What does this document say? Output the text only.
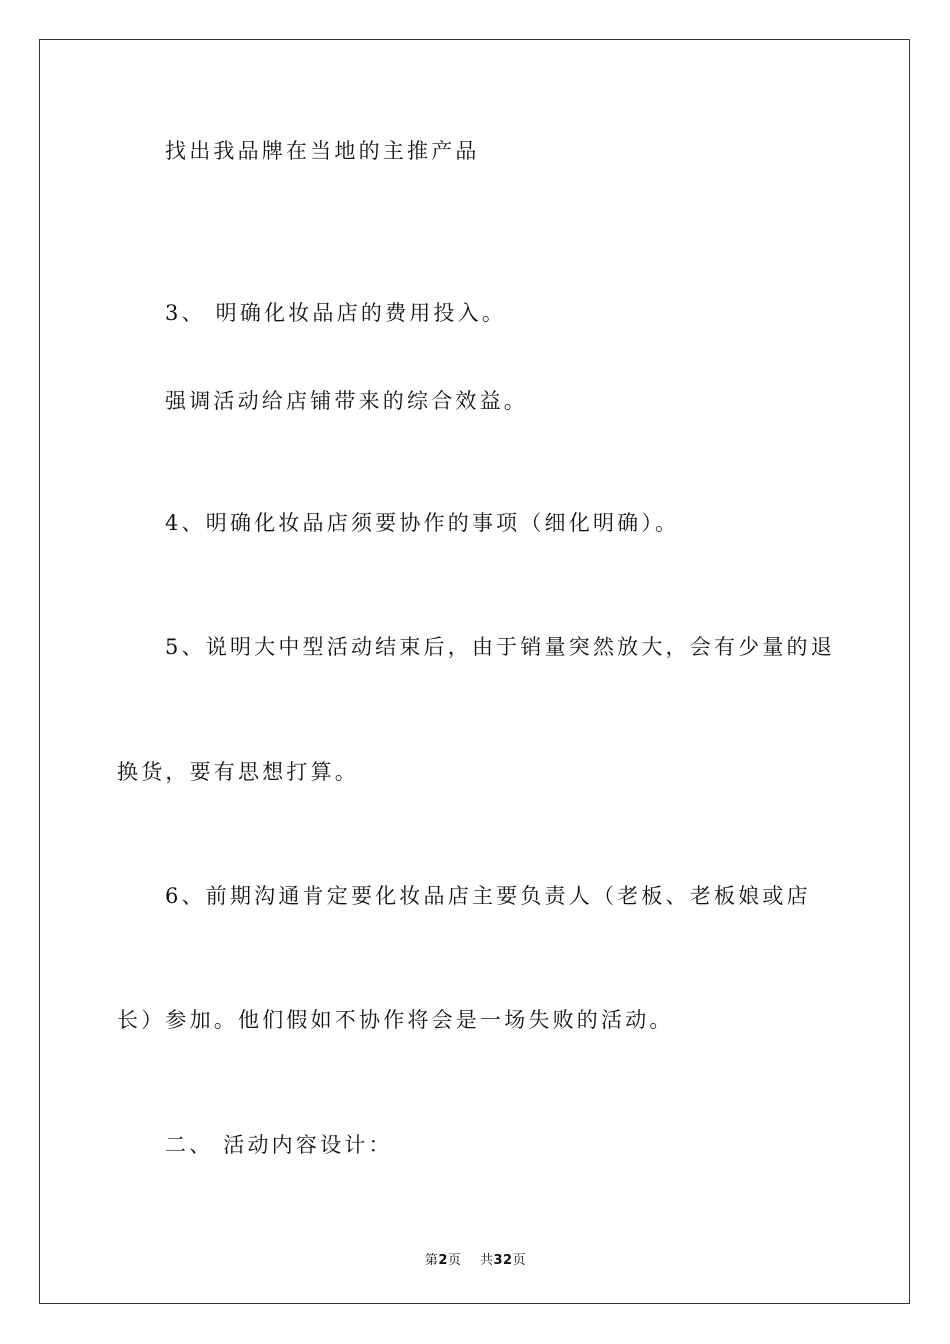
找出我品牌在当地的主推产品
3、 明确化妆品店的费用投入。
强调活动给店铺带来的综合效益。
4、明确化妆品店须要协作的事项（细化明确）。
5、说明大中型活动结束后，由于销量突然放大，会有少量的退
换货，要有思想打算。
6、前期沟通肯定要化妆品店主要负责人（老板、老板娘或店
长）参加。他们假如不协作将会是一场失败的活动。
二、 活动内容设计：
第2页 共32页
